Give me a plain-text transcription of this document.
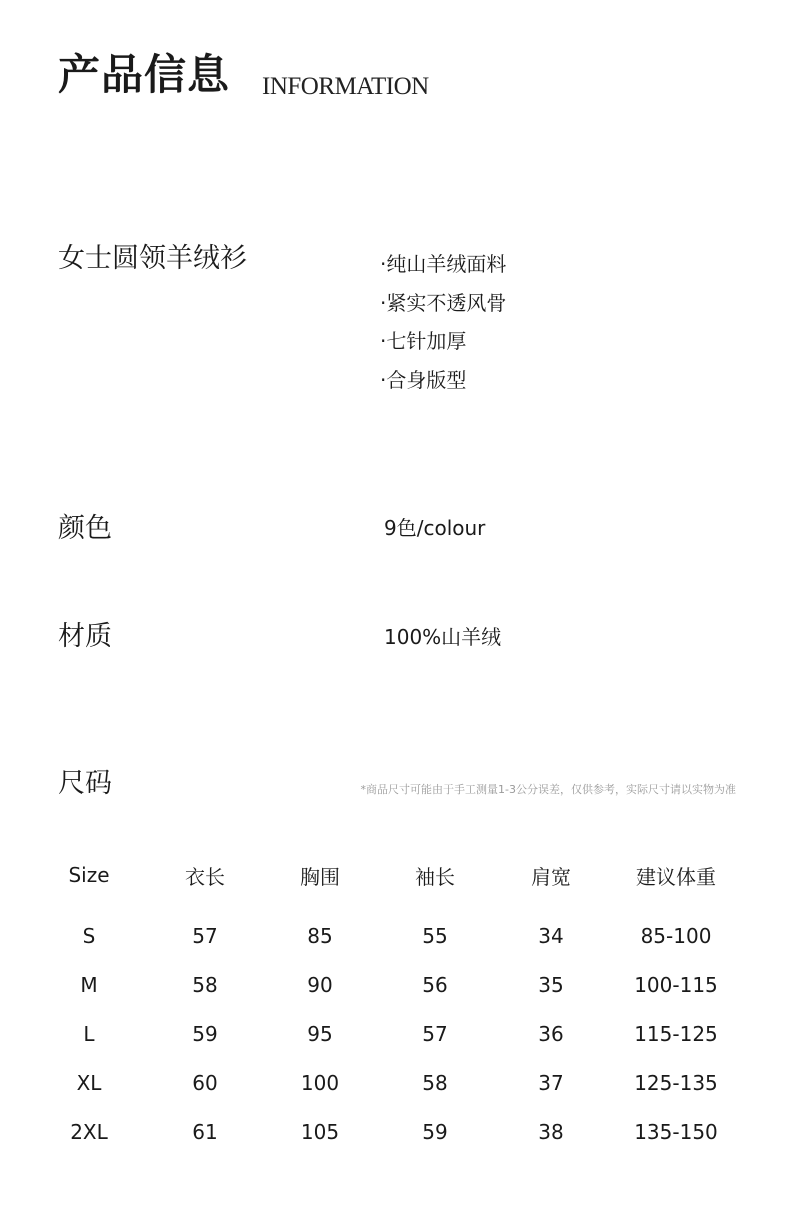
产品信息 INFORMATION
女士圆领羊绒衫	·纯山羊绒面料
·紧实不透风骨
·七针加厚
·合身版型
颜色	9色/colour
材质	100%山羊绒
尺码	*商品尺寸可能由于手工测量1-3公分误差，仅供参考，实际尺寸请以实物为准
Size	衣长	胸围	袖长	肩宽	建议体重

S	57	85	55	34	85-100
M	58	90	56	35	100-115
L	59	95	57	36	115-125
XL	60	100	58	37	125-135
2XL	61	105	59	38	135-150
